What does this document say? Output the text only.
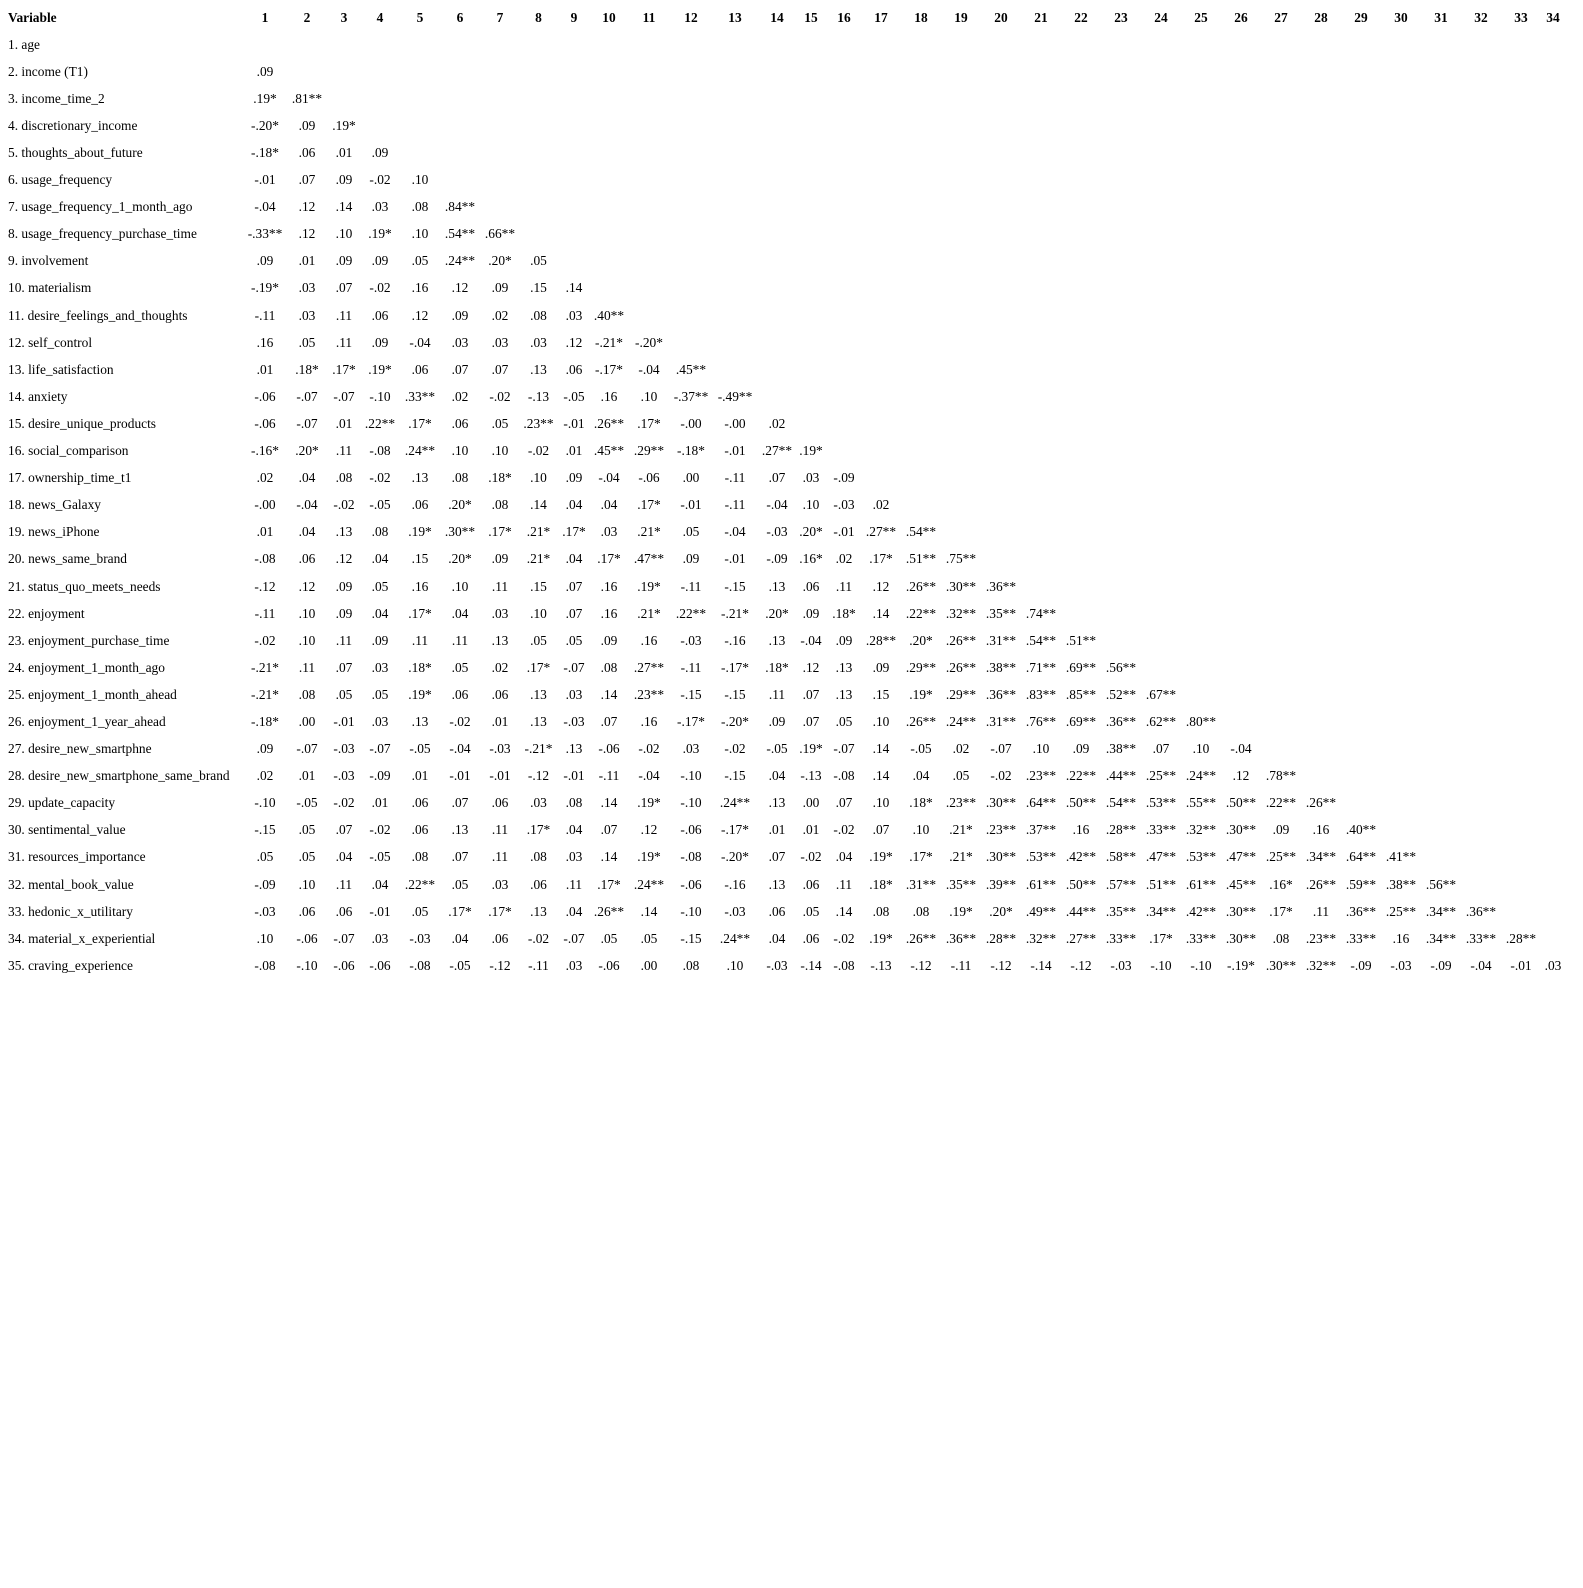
Variable	1	2	3	4	5	6	7	8	9	10	11	12	13	14	15	16	17	18	19	20	21	22	23	24	25	26	27	28	29	30	31	32	33	34
1. age																																		
2. income (T1)	.09																																	
3. income_time_2	.19*	.81**																																
4. discretionary_income	-.20*	.09	.19*																															
5. thoughts_about_future	-.18*	.06	.01	.09																														
6. usage_frequency	-.01	.07	.09	-.02	.10																													
7. usage_frequency_1_month_ago	-.04	.12	.14	.03	.08	.84**																												
8. usage_frequency_purchase_time	-.33**	.12	.10	.19*	.10	.54**	.66**																											
9. involvement	.09	.01	.09	.09	.05	.24**	.20*	.05																										
10. materialism	-.19*	.03	.07	-.02	.16	.12	.09	.15	.14																									
11. desire_feelings_and_thoughts	-.11	.03	.11	.06	.12	.09	.02	.08	.03	.40**																								
12. self_control	.16	.05	.11	.09	-.04	.03	.03	.03	.12	-.21*	-.20*																							
13. life_satisfaction	.01	.18*	.17*	.19*	.06	.07	.07	.13	.06	-.17*	-.04	.45**																						
14. anxiety	-.06	-.07	-.07	-.10	.33**	.02	-.02	-.13	-.05	.16	.10	-.37**	-.49**																					
15. desire_unique_products	-.06	-.07	.01	.22**	.17*	.06	.05	.23**	-.01	.26**	.17*	-.00	-.00	.02																				
16. social_comparison	-.16*	.20*	.11	-.08	.24**	.10	.10	-.02	.01	.45**	.29**	-.18*	-.01	.27**	.19*																			
17. ownership_time_t1	.02	.04	.08	-.02	.13	.08	.18*	.10	.09	-.04	-.06	.00	-.11	.07	.03	-.09																		
18. news_Galaxy	-.00	-.04	-.02	-.05	.06	.20*	.08	.14	.04	.04	.17*	-.01	-.11	-.04	.10	-.03	.02																	
19. news_iPhone	.01	.04	.13	.08	.19*	.30**	.17*	.21*	.17*	.03	.21*	.05	-.04	-.03	.20*	-.01	.27**	.54**																
20. news_same_brand	-.08	.06	.12	.04	.15	.20*	.09	.21*	.04	.17*	.47**	.09	-.01	-.09	.16*	.02	.17*	.51**	.75**															
21. status_quo_meets_needs	-.12	.12	.09	.05	.16	.10	.11	.15	.07	.16	.19*	-.11	-.15	.13	.06	.11	.12	.26**	.30**	.36**														
22. enjoyment	-.11	.10	.09	.04	.17*	.04	.03	.10	.07	.16	.21*	.22**	-.21*	.20*	.09	.18*	.14	.22**	.32**	.35**	.74**													
23. enjoyment_purchase_time	-.02	.10	.11	.09	.11	.11	.13	.05	.05	.09	.16	-.03	-.16	.13	-.04	.09	.28**	.20*	.26**	.31**	.54**	.51**												
24. enjoyment_1_month_ago	-.21*	.11	.07	.03	.18*	.05	.02	.17*	-.07	.08	.27**	-.11	-.17*	.18*	.12	.13	.09	.29**	.26**	.38**	.71**	.69**	.56**											
25. enjoyment_1_month_ahead	-.21*	.08	.05	.05	.19*	.06	.06	.13	.03	.14	.23**	-.15	-.15	.11	.07	.13	.15	.19*	.29**	.36**	.83**	.85**	.52**	.67**										
26. enjoyment_1_year_ahead	-.18*	.00	-.01	.03	.13	-.02	.01	.13	-.03	.07	.16	-.17*	-.20*	.09	.07	.05	.10	.26**	.24**	.31**	.76**	.69**	.36**	.62**	.80**									
27. desire_new_smartphne	.09	-.07	-.03	-.07	-.05	-.04	-.03	-.21*	.13	-.06	-.02	.03	-.02	-.05	.19*	-.07	.14	-.05	.02	-.07	.10	.09	.38**	.07	.10	-.04								
28. desire_new_smartphone_same_brand	.02	.01	-.03	-.09	.01	-.01	-.01	-.12	-.01	-.11	-.04	-.10	-.15	.04	-.13	-.08	.14	.04	.05	-.02	.23**	.22**	.44**	.25**	.24**	.12	.78**							
29. update_capacity	-.10	-.05	-.02	.01	.06	.07	.06	.03	.08	.14	.19*	-.10	.24**	.13	.00	.07	.10	.18*	.23**	.30**	.64**	.50**	.54**	.53**	.55**	.50**	.22**	.26**						
30. sentimental_value	-.15	.05	.07	-.02	.06	.13	.11	.17*	.04	.07	.12	-.06	-.17*	.01	.01	-.02	.07	.10	.21*	.23**	.37**	.16	.28**	.33**	.32**	.30**	.09	.16	.40**					
31. resources_importance	.05	.05	.04	-.05	.08	.07	.11	.08	.03	.14	.19*	-.08	-.20*	.07	-.02	.04	.19*	.17*	.21*	.30**	.53**	.42**	.58**	.47**	.53**	.47**	.25**	.34**	.64**	.41**				
32. mental_book_value	-.09	.10	.11	.04	.22**	.05	.03	.06	.11	.17*	.24**	-.06	-.16	.13	.06	.11	.18*	.31**	.35**	.39**	.61**	.50**	.57**	.51**	.61**	.45**	.16*	.26**	.59**	.38**	.56**			
33. hedonic_x_utilitary	-.03	.06	.06	-.01	.05	.17*	.17*	.13	.04	.26**	.14	-.10	-.03	.06	.05	.14	.08	.08	.19*	.20*	.49**	.44**	.35**	.34**	.42**	.30**	.17*	.11	.36**	.25**	.34**	.36**		
34. material_x_experiential	.10	-.06	-.07	.03	-.03	.04	.06	-.02	-.07	.05	.05	-.15	.24**	.04	.06	-.02	.19*	.26**	.36**	.28**	.32**	.27**	.33**	.17*	.33**	.30**	.08	.23**	.33**	.16	.34**	.33**	.28**	
35. craving_experience	-.08	-.10	-.06	-.06	-.08	-.05	-.12	-.11	.03	-.06	.00	.08	.10	-.03	-.14	-.08	-.13	-.12	-.11	-.12	-.14	-.12	-.03	-.10	-.10	-.19*	.30**	.32**	-.09	-.03	-.09	-.04	-.01	.03
